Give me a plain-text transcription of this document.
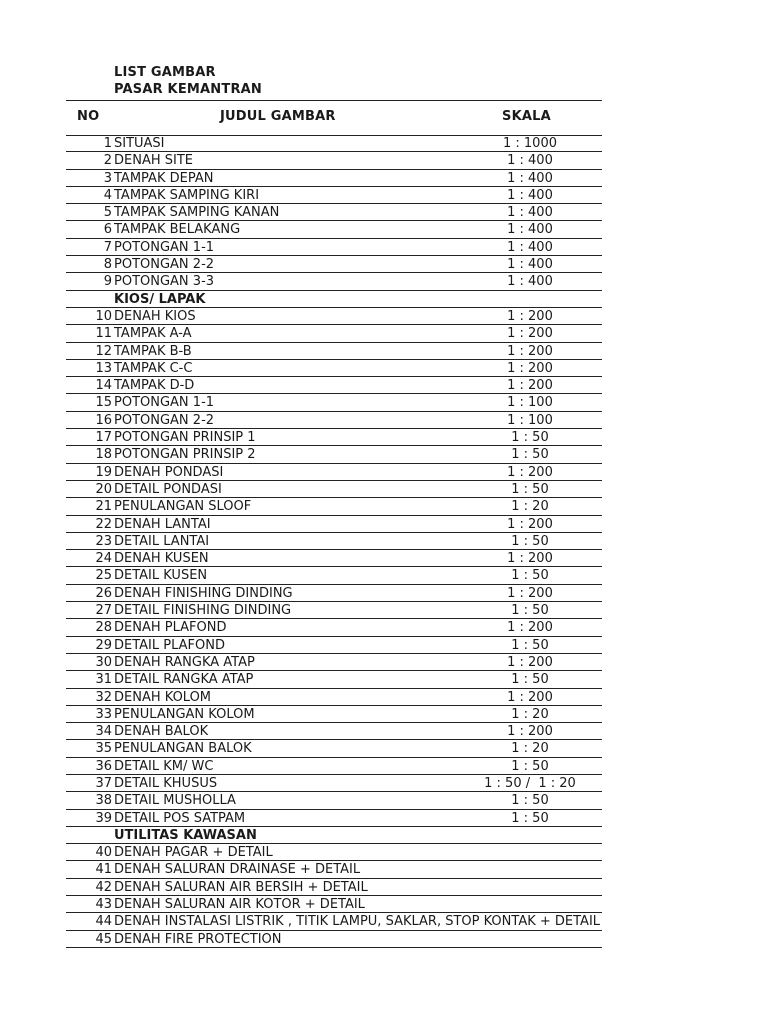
LIST GAMBAR
PASAR KEMANTRAN
NO	JUDUL GAMBAR	SKALA
1 SITUASI	1 : 1000
2 DENAH SITE	1 : 400
3 TAMPAK DEPAN	1 : 400
4 TAMPAK SAMPING KIRI	1 : 400
5 TAMPAK SAMPING KANAN	1 : 400
6 TAMPAK BELAKANG	1 : 400
7 POTONGAN 1-1	1 : 400
8 POTONGAN 2-2	1 : 400
9 POTONGAN 3-3	1 : 400
KIOS/ LAPAK
10 DENAH KIOS	1 : 200
11 TAMPAK A-A	1 : 200
12 TAMPAK B-B	1 : 200
13 TAMPAK C-C	1 : 200
14 TAMPAK D-D	1 : 200
15 POTONGAN 1-1	1 : 100
16 POTONGAN 2-2	1 : 100
17 POTONGAN PRINSIP 1	1 : 50
18 POTONGAN PRINSIP 2	1 : 50
19 DENAH PONDASI	1 : 200
20 DETAIL PONDASI	1 : 50
21 PENULANGAN SLOOF	1 : 20
22 DENAH LANTAI	1 : 200
23 DETAIL LANTAI	1 : 50
24 DENAH KUSEN	1 : 200
25 DETAIL KUSEN	1 : 50
26 DENAH FINISHING DINDING	1 : 200
27 DETAIL FINISHING DINDING	1 : 50
28 DENAH PLAFOND	1 : 200
29 DETAIL PLAFOND	1 : 50
30 DENAH RANGKA ATAP	1 : 200
31 DETAIL RANGKA ATAP	1 : 50
32 DENAH KOLOM	1 : 200
33 PENULANGAN KOLOM	1 : 20
34 DENAH BALOK	1 : 200
35 PENULANGAN BALOK	1 : 20
36 DETAIL KM/ WC	1 : 50
37 DETAIL KHUSUS	1 : 50 /  1 : 20
38 DETAIL MUSHOLLA	1 : 50
39 DETAIL POS SATPAM	1 : 50
UTILITAS KAWASAN
40 DENAH PAGAR + DETAIL
41 DENAH SALURAN DRAINASE + DETAIL
42 DENAH SALURAN AIR BERSIH + DETAIL
43 DENAH SALURAN AIR KOTOR + DETAIL
44 DENAH INSTALASI LISTRIK , TITIK LAMPU, SAKLAR, STOP KONTAK + DETAIL
45 DENAH FIRE PROTECTION
